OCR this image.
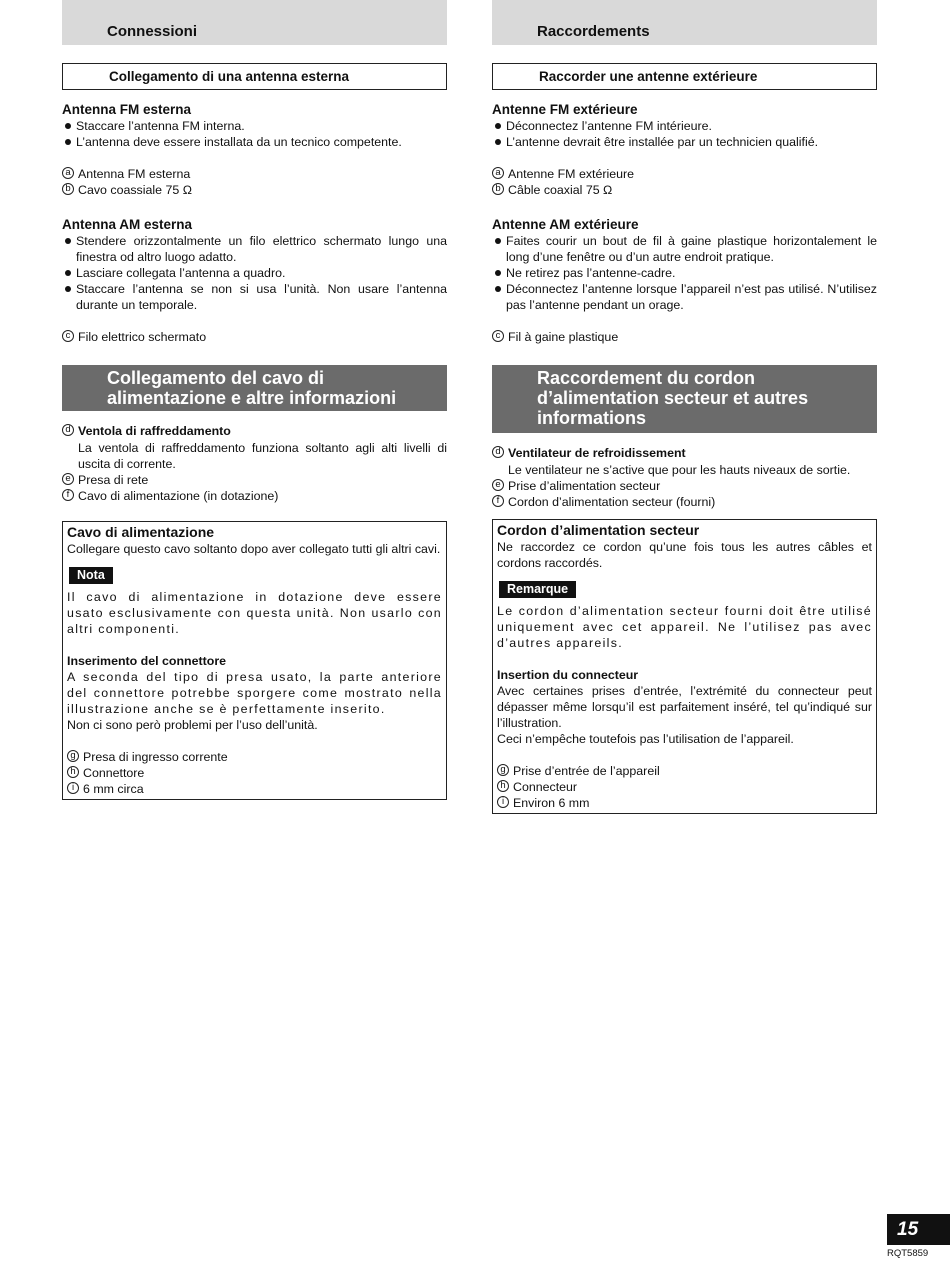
Connessioni
Collegamento di una antenna esterna
Antenna FM esterna
Staccare l’antenna FM interna.
L’antenna deve essere installata da un tecnico competente.
a Antenna FM esterna
b Cavo coassiale 75 Ω
Antenna AM esterna
Stendere orizzontalmente un filo elettrico schermato lungo una finestra od altro luogo adatto.
Lasciare collegata l’antenna a quadro.
Staccare l’antenna se non si usa l’unità. Non usare l’antenna durante un temporale.
c Filo elettrico schermato
Collegamento del cavo di alimentazione e altre informazioni
d Ventola di raffreddamento
La ventola di raffreddamento funziona soltanto agli alti livelli di uscita di corrente.
e Presa di rete
f Cavo di alimentazione (in dotazione)

Cavo di alimentazione

Collegare questo cavo soltanto dopo aver collegato tutti gli altri cavi.

Nota

Il cavo di alimentazione in dotazione deve essere usato esclusivamente con questa unità. Non usarlo con altri componenti.

Inserimento del connettore

A seconda del tipo di presa usato, la parte anteriore del connettore potrebbe sporgere come mostrato nella illustrazione anche se è perfettamente inserito.

Non ci sono però problemi per l’uso dell’unità.

g Presa di ingresso corrente
h Connettore
i 6 mm circa
Raccordements
Raccorder une antenne extérieure
Antenne FM extérieure
Déconnectez l’antenne FM intérieure.
L’antenne devrait être installée par un technicien qualifié.
a Antenne FM extérieure
b Câble coaxial 75 Ω
Antenne AM extérieure
Faites courir un bout de fil à gaine plastique horizontalement le long d’une fenêtre ou d’un autre endroit pratique.
Ne retirez pas l’antenne-cadre.
Déconnectez l’antenne lorsque l’appareil n’est pas utilisé. N’utilisez pas l’antenne pendant un orage.
c Fil à gaine plastique
Raccordement du cordon d’alimentation secteur et autres informations
d Ventilateur de refroidissement
Le ventilateur ne s’active que pour les hauts niveaux de sortie.
e Prise d’alimentation secteur
f Cordon d’alimentation secteur (fourni)

Cordon d’alimentation secteur

Ne raccordez ce cordon qu’une fois tous les autres câbles et cordons raccordés.

Remarque

Le cordon d’alimentation secteur fourni doit être utilisé uniquement avec cet appareil. Ne l’utilisez pas avec d’autres appareils.

Insertion du connecteur

Avec certaines prises d’entrée, l’extrémité du connecteur peut dépasser même lorsqu’il est parfaitement inséré, tel qu’indiqué sur l’illustration.

Ceci n’empêche toutefois pas l’utilisation de l’appareil.

g Prise d’entrée de l’appareil
h Connecteur
i Environ 6 mm
15
RQT5859
